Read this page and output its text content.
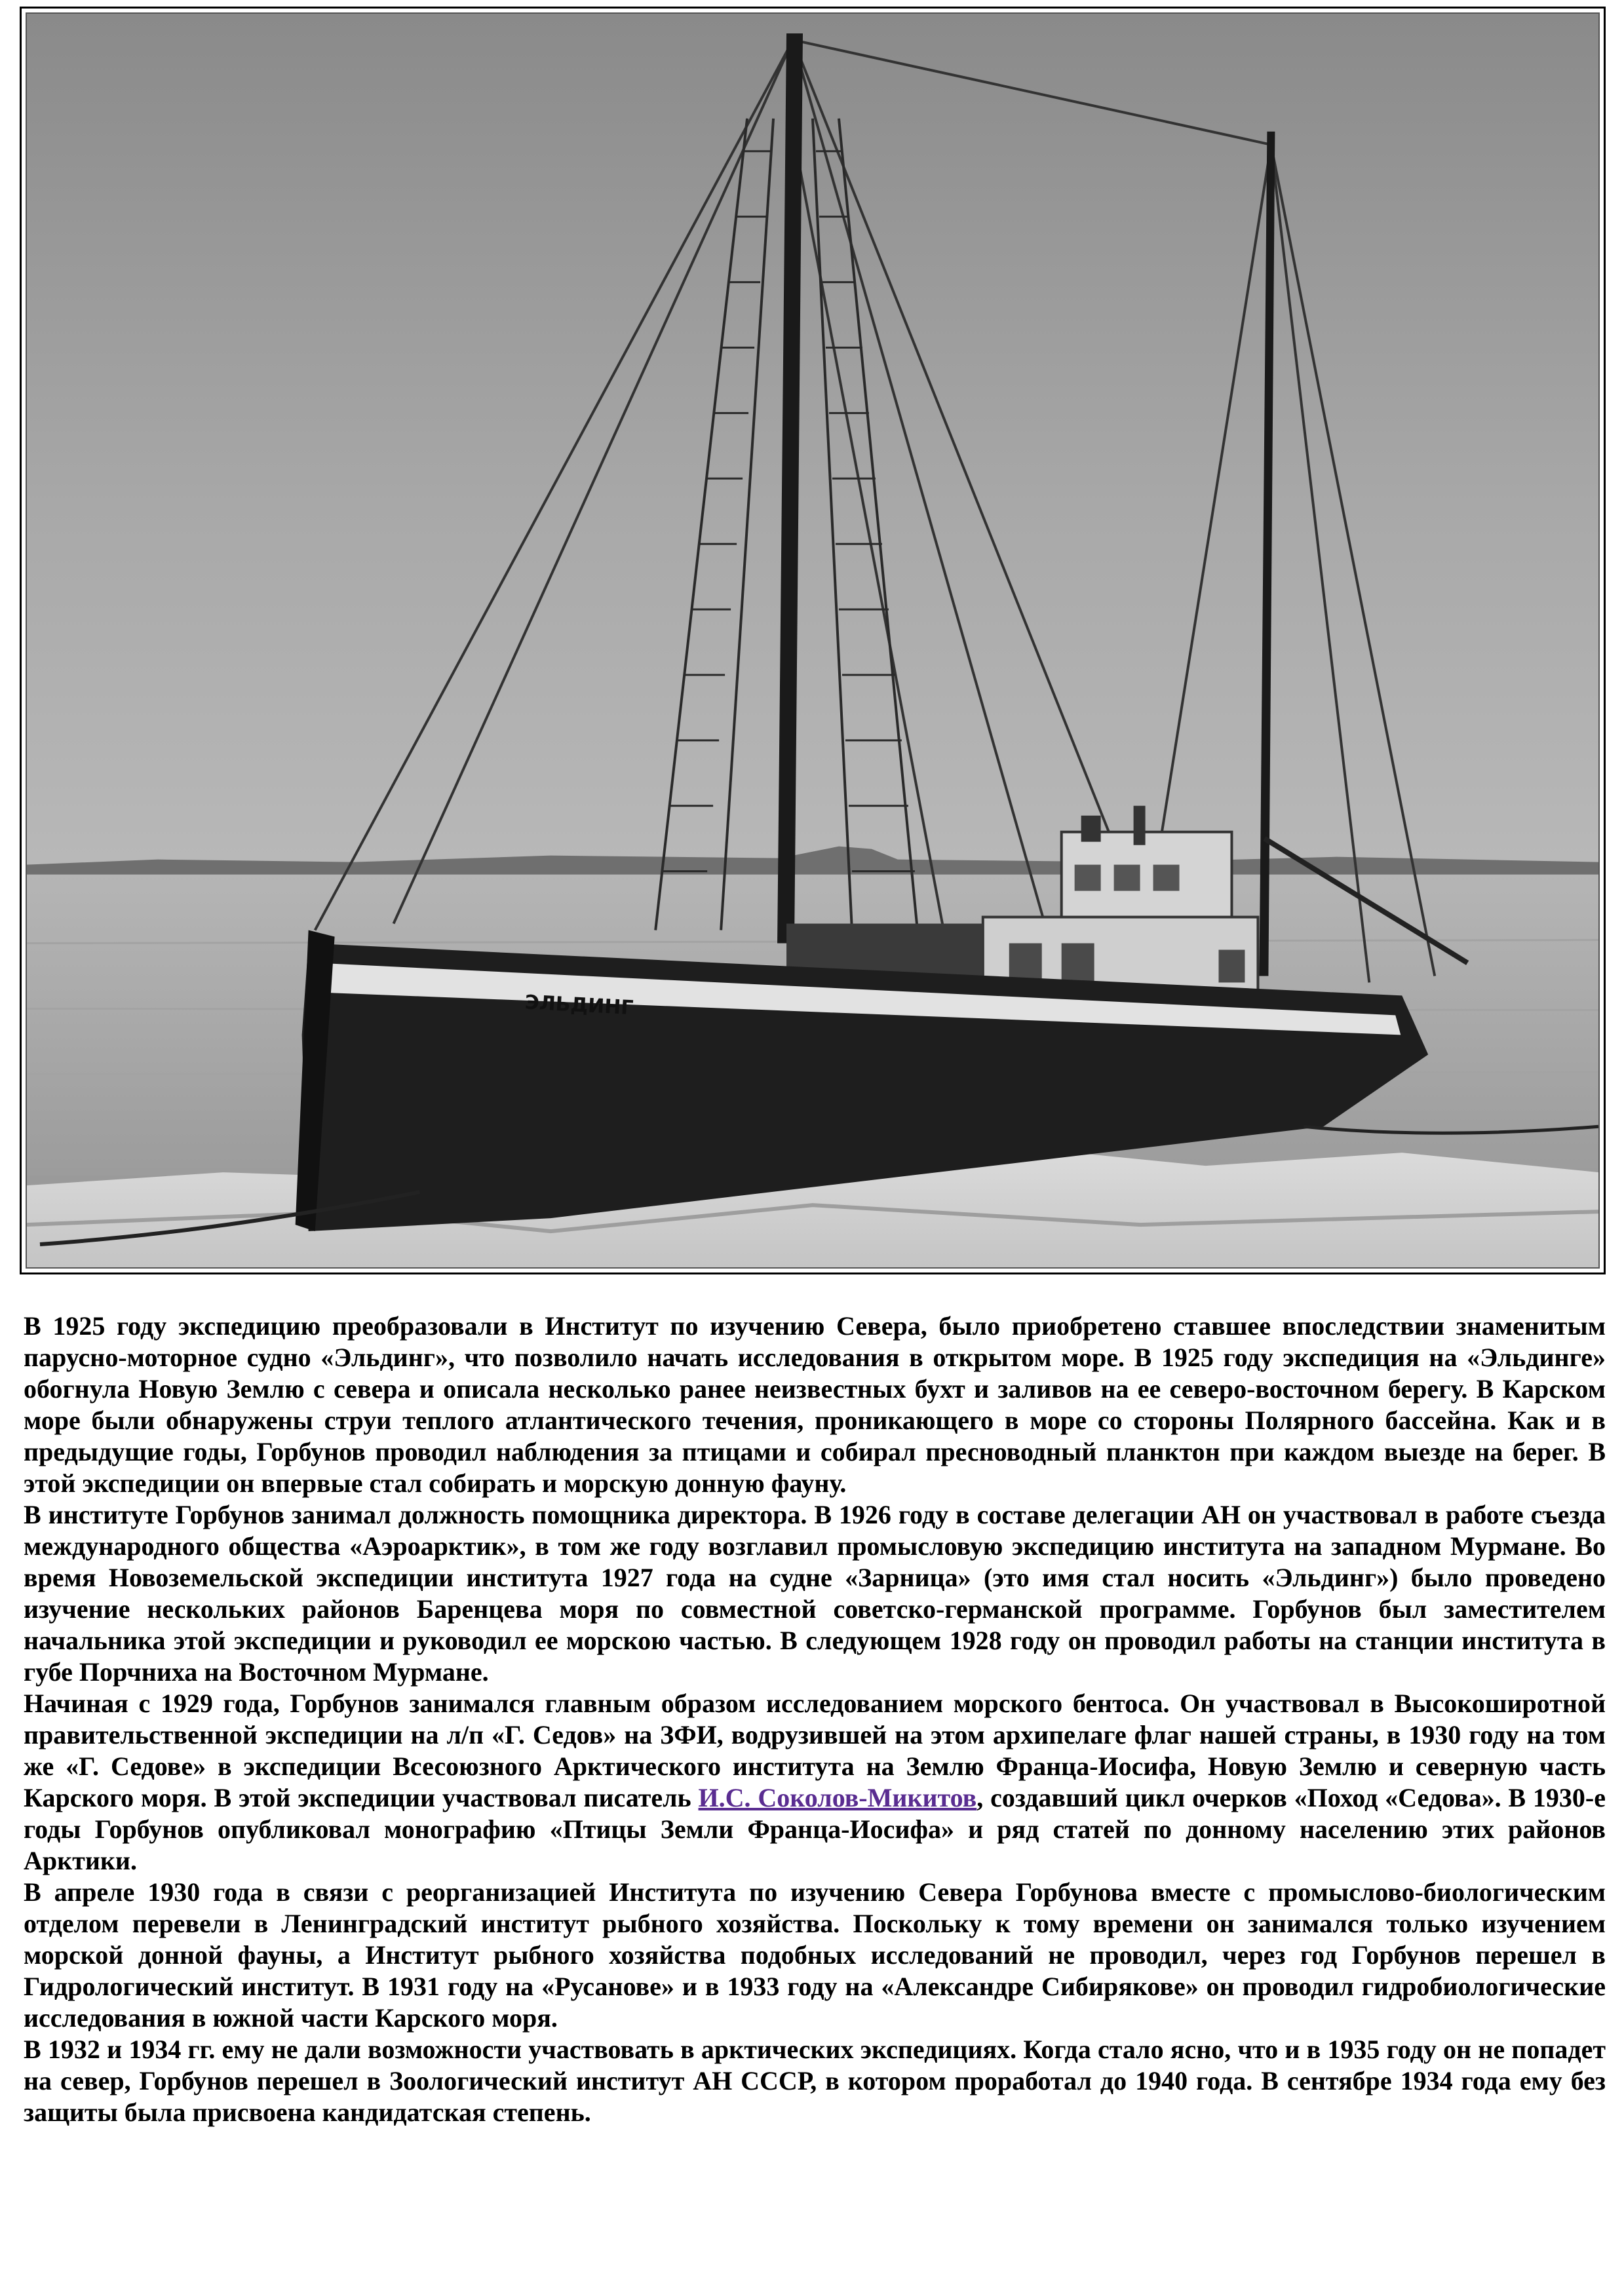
ЭЛЬДИНГ

В 1925 году экспедицию преобразовали в Институт по изучению Севера, было приобретено ставшее впоследствии знаменитым парусно-моторное судно «Эльдинг», что позволило начать исследования в открытом море. В 1925 году экспедиция на «Эльдинге» обогнула Новую Землю с севера и описала несколько ранее неизвестных бухт и заливов на ее северо-восточном берегу. В Карском море были обнаружены струи теплого атлантического течения, проникающего в море со стороны Полярного бассейна. Как и в предыдущие годы, Горбунов проводил наблюдения за птицами и собирал пресноводный планктон при каждом выезде на берег. В этой экспедиции он впервые стал собирать и морскую донную фауну.

В институте Горбунов занимал должность помощника директора. В 1926 году в составе делегации АН он участвовал в работе съезда международного общества «Аэроарктик», в том же году возглавил промысловую экспедицию института на западном Мурмане. Во время Новоземельской экспедиции института 1927 года на судне «Зарница» (это имя стал носить «Эльдинг») было проведено изучение нескольких районов Баренцева моря по совместной советско-германской программе. Горбунов был заместителем начальника этой экспедиции и руководил ее морскою частью. В следующем 1928 году он проводил работы на станции института в губе Порчниха на Восточном Мурмане.

Начиная с 1929 года, Горбунов занимался главным образом исследованием морского бентоса. Он участвовал в Высокоширотной правительственной экспедиции на л/п «Г. Седов» на ЗФИ, водрузившей на этом архипелаге флаг нашей страны, в 1930 году на том же «Г. Седове» в экспедиции Всесоюзного Арктического института на Землю Франца-Иосифа, Новую Землю и северную часть Карского моря. В этой экспедиции участвовал писатель И.С. Соколов-Микитов, создавший цикл очерков «Поход «Седова». В 1930-е годы Горбунов опубликовал монографию «Птицы Земли Франца-Иосифа» и ряд статей по донному населению этих районов Арктики.

В апреле 1930 года в связи с реорганизацией Института по изучению Севера Горбунова вместе с промыслово-биологическим отделом перевели в Ленинградский институт рыбного хозяйства. Поскольку к тому времени он занимался только изучением морской донной фауны, а Институт рыбного хозяйства подобных исследований не проводил, через год Горбунов перешел в Гидрологический институт. В 1931 году на «Русанове» и в 1933 году на «Александре Сибирякове» он проводил гидробиологические исследования в южной части Карского моря.

В 1932 и 1934 гг. ему не дали возможности участвовать в арктических экспедициях. Когда стало ясно, что и в 1935 году он не попадет на север, Горбунов перешел в Зоологический институт АН СССР, в котором проработал до 1940 года. В сентябре 1934 года ему без защиты была присвоена кандидатская степень.
